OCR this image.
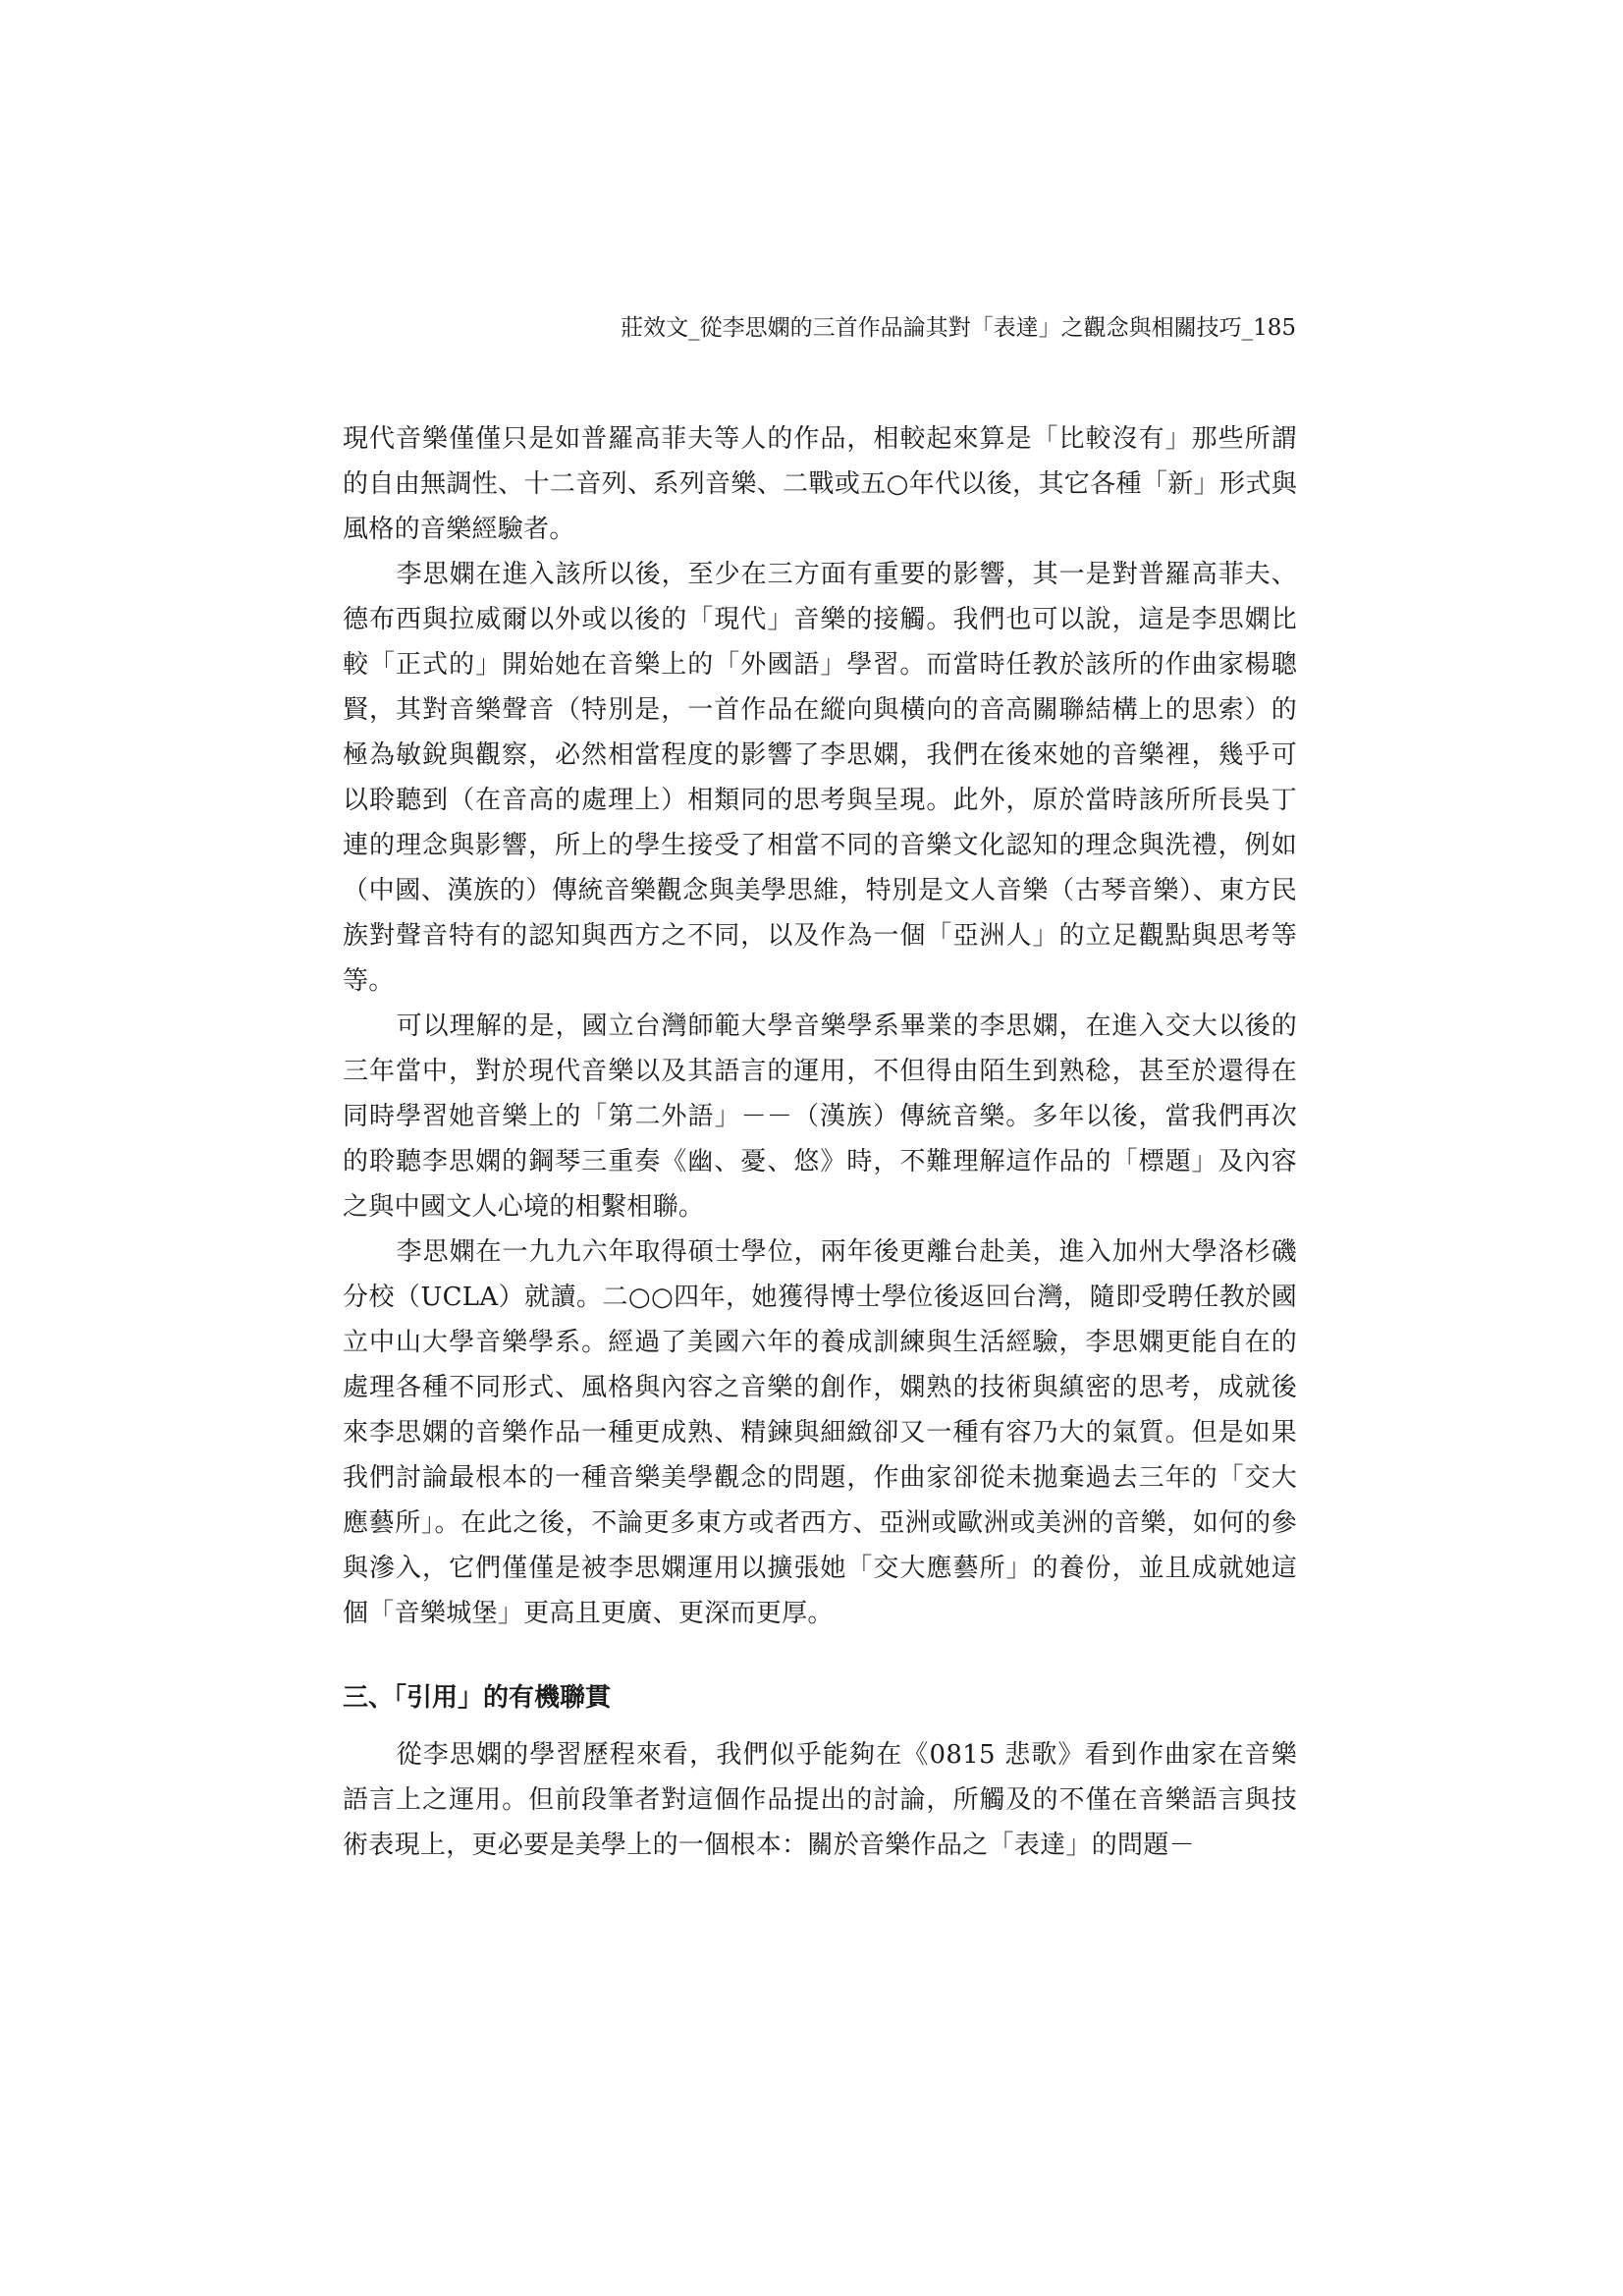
莊效文_從李思嫻的三首作品論其對「表達」之觀念與相關技巧_185

現代音樂僅僅只是如普羅高菲夫等人的作品，相較起來算是「比較沒有」那些所謂的自由無調性、十二音列、系列音樂、二戰或五○年代以後，其它各種「新」形式與風格的音樂經驗者。

李思嫻在進入該所以後，至少在三方面有重要的影響，其一是對普羅高菲夫、德布西與拉威爾以外或以後的「現代」音樂的接觸。我們也可以說，這是李思嫻比較「正式的」開始她在音樂上的「外國語」學習。而當時任教於該所的作曲家楊聰賢，其對音樂聲音（特別是，一首作品在縱向與橫向的音高關聯結構上的思索）的極為敏銳與觀察，必然相當程度的影響了李思嫻，我們在後來她的音樂裡，幾乎可以聆聽到（在音高的處理上）相類同的思考與呈現。此外，原於當時該所所長吳丁連的理念與影響，所上的學生接受了相當不同的音樂文化認知的理念與洗禮，例如（中國、漢族的）傳統音樂觀念與美學思維，特別是文人音樂（古琴音樂）、東方民族對聲音特有的認知與西方之不同，以及作為一個「亞洲人」的立足觀點與思考等等。

可以理解的是，國立台灣師範大學音樂學系畢業的李思嫻，在進入交大以後的三年當中，對於現代音樂以及其語言的運用，不但得由陌生到熟稔，甚至於還得在同時學習她音樂上的「第二外語」－－（漢族）傳統音樂。多年以後，當我們再次的聆聽李思嫻的鋼琴三重奏《幽、憂、悠》時，不難理解這作品的「標題」及內容之與中國文人心境的相繫相聯。

李思嫻在一九九六年取得碩士學位，兩年後更離台赴美，進入加州大學洛杉磯分校（UCLA）就讀。二○○四年，她獲得博士學位後返回台灣，隨即受聘任教於國立中山大學音樂學系。經過了美國六年的養成訓練與生活經驗，李思嫻更能自在的處理各種不同形式、風格與內容之音樂的創作，嫻熟的技術與縝密的思考，成就後來李思嫻的音樂作品一種更成熟、精鍊與細緻卻又一種有容乃大的氣質。但是如果我們討論最根本的一種音樂美學觀念的問題，作曲家卻從未拋棄過去三年的「交大應藝所」。在此之後，不論更多東方或者西方、亞洲或歐洲或美洲的音樂，如何的參與滲入，它們僅僅是被李思嫻運用以擴張她「交大應藝所」的養份，並且成就她這個「音樂城堡」更高且更廣、更深而更厚。

三、「引用」的有機聯貫

從李思嫻的學習歷程來看，我們似乎能夠在《0815 悲歌》看到作曲家在音樂語言上之運用。但前段筆者對這個作品提出的討論，所觸及的不僅在音樂語言與技術表現上，更必要是美學上的一個根本：關於音樂作品之「表達」的問題－
